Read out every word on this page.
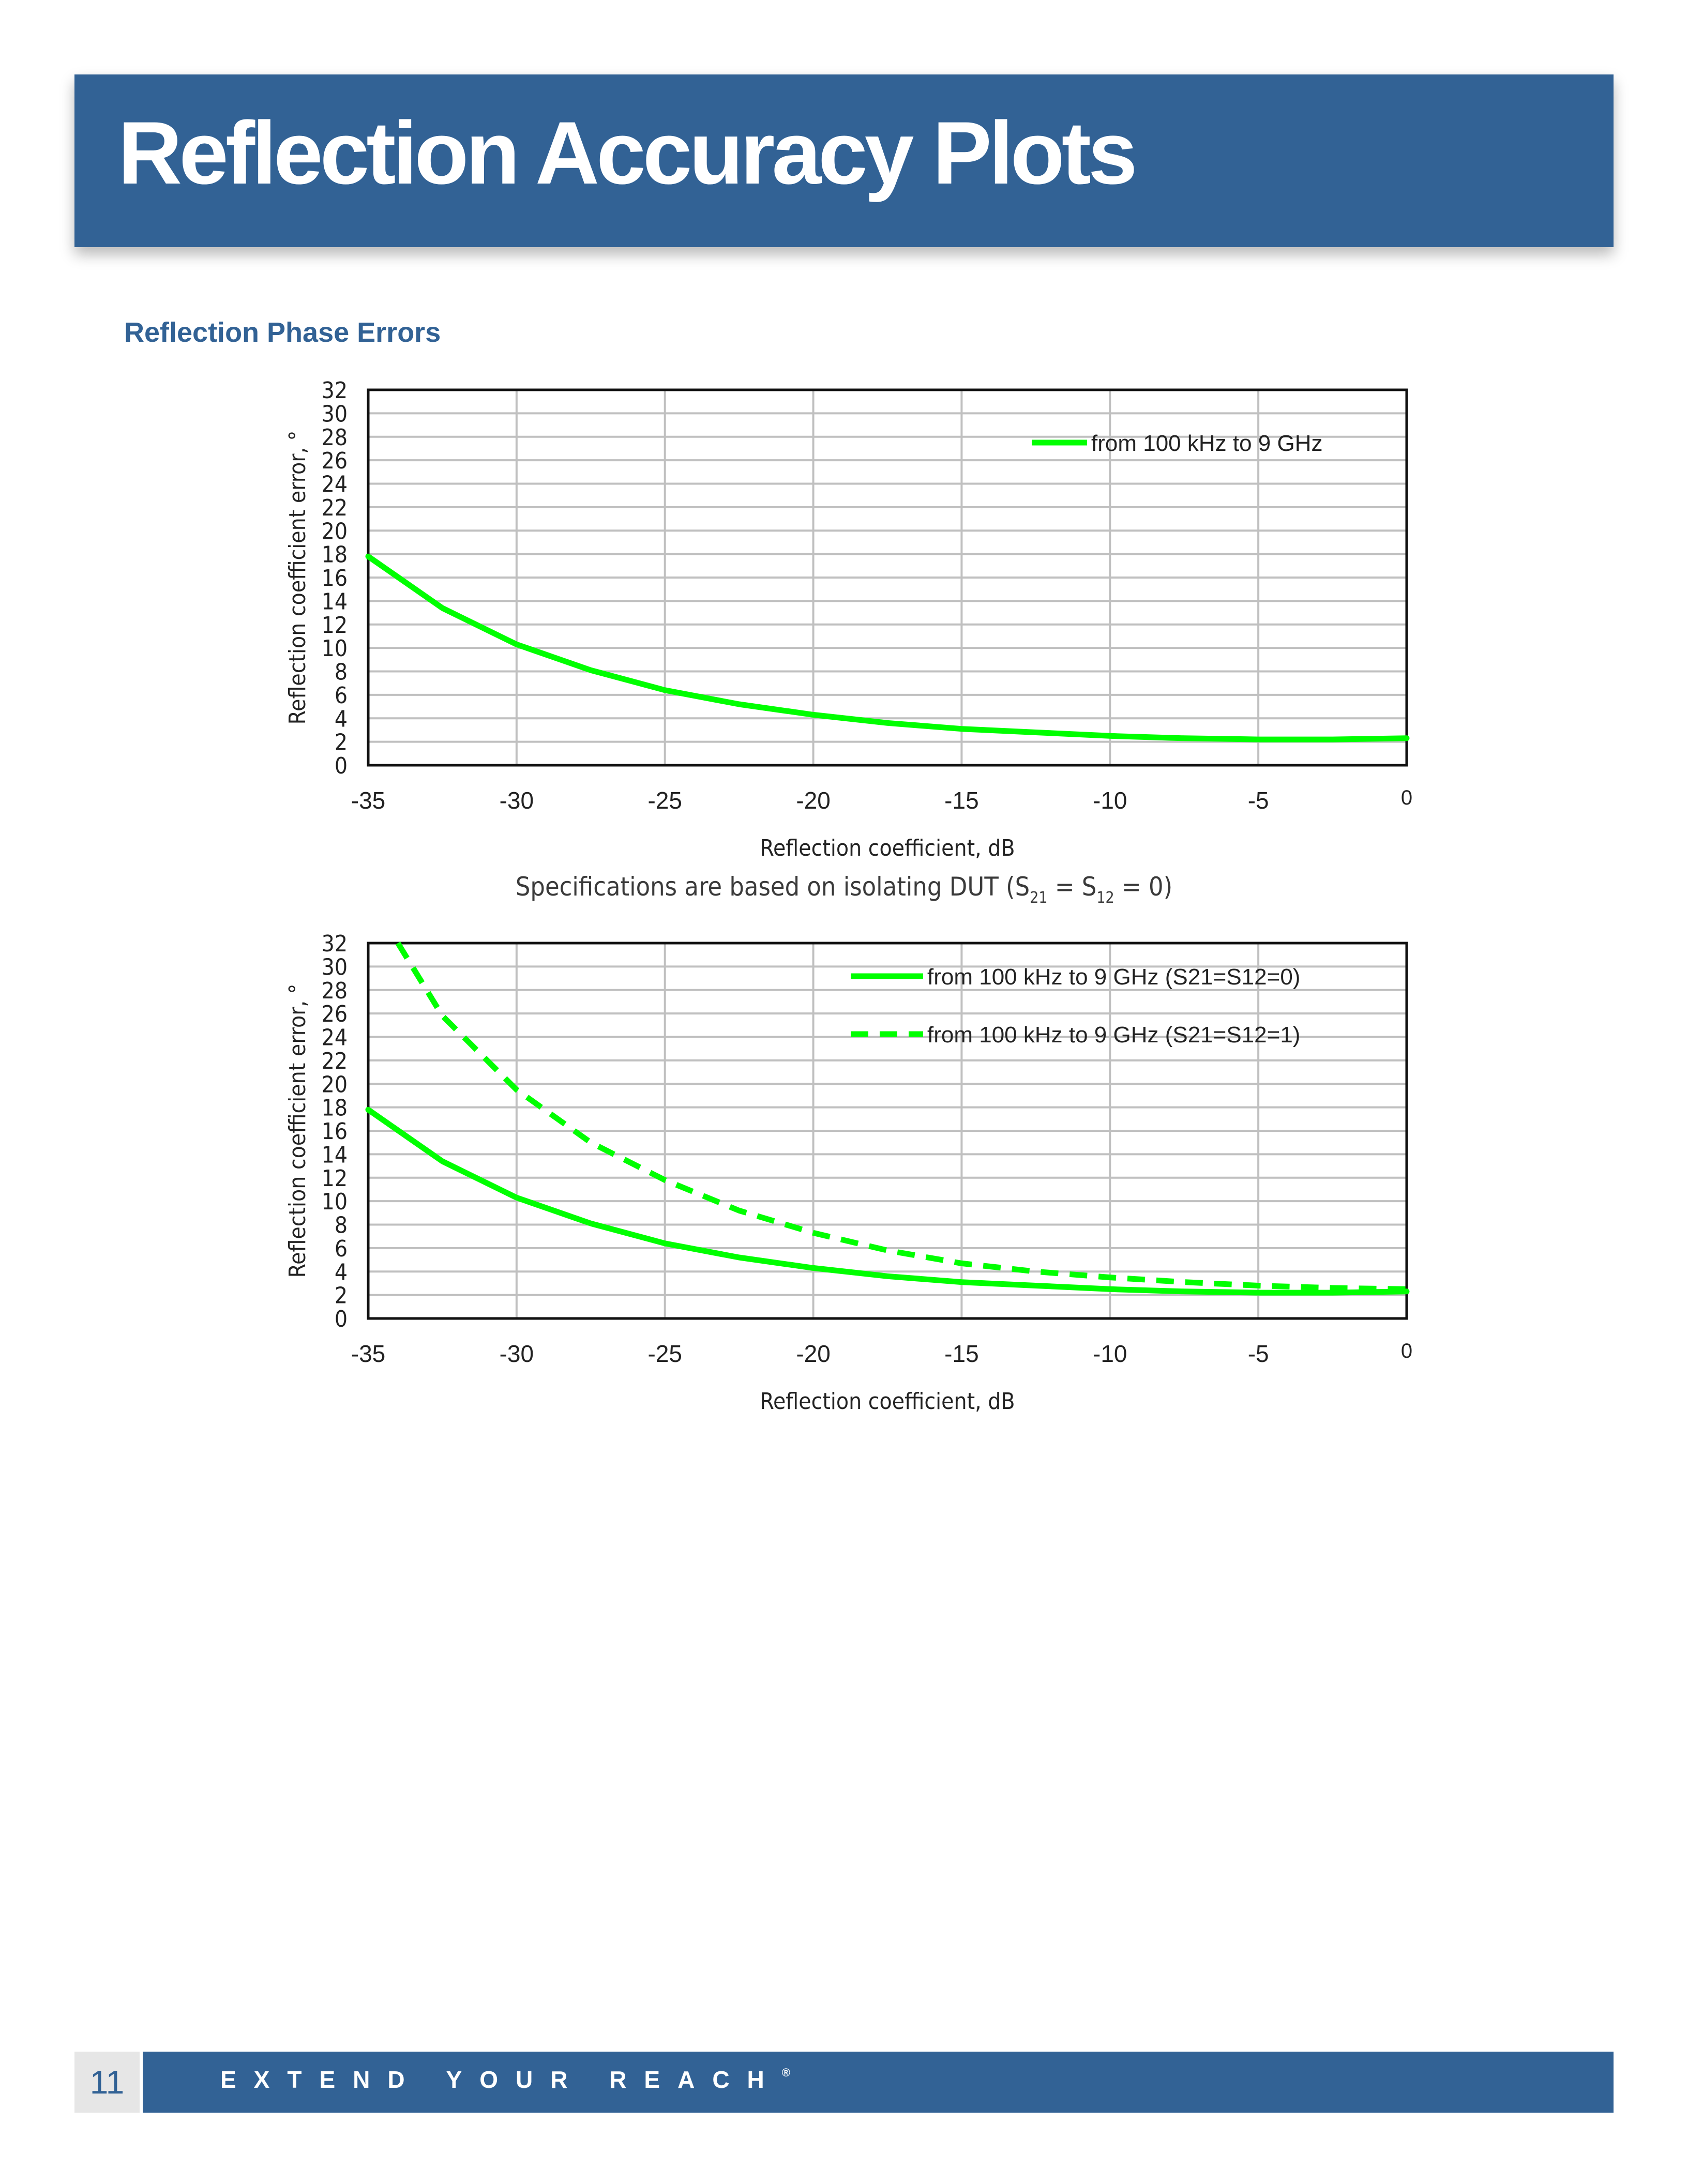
Reflection Accuracy Plots
Reflection Phase Errors
0
2
4
6
8
10
12
14
16
18
20
22
24
26
28
30
32
-35	-30	-25	-20	-15	-10	-5	0
Reflection coefficient, dB
Reflection coefficient error, °	from 100 kHz to 9 GHz
Specifications are based on isolating DUT $(S_{21} = S_{12} = 0)$
0
2
4
6
8
10
12
14
16
18
20
22
24
26
28
30
32
-35	-30	-25	-20	-15	-10	-5	0
Reflection coefficient, dB
Reflection coefficient error, °
from 100 kHz to 9 GHz (S21=S12=0)
from 100 kHz to 9 GHz (S21=S12=1)
11	EXTEND YOUR REACH®
